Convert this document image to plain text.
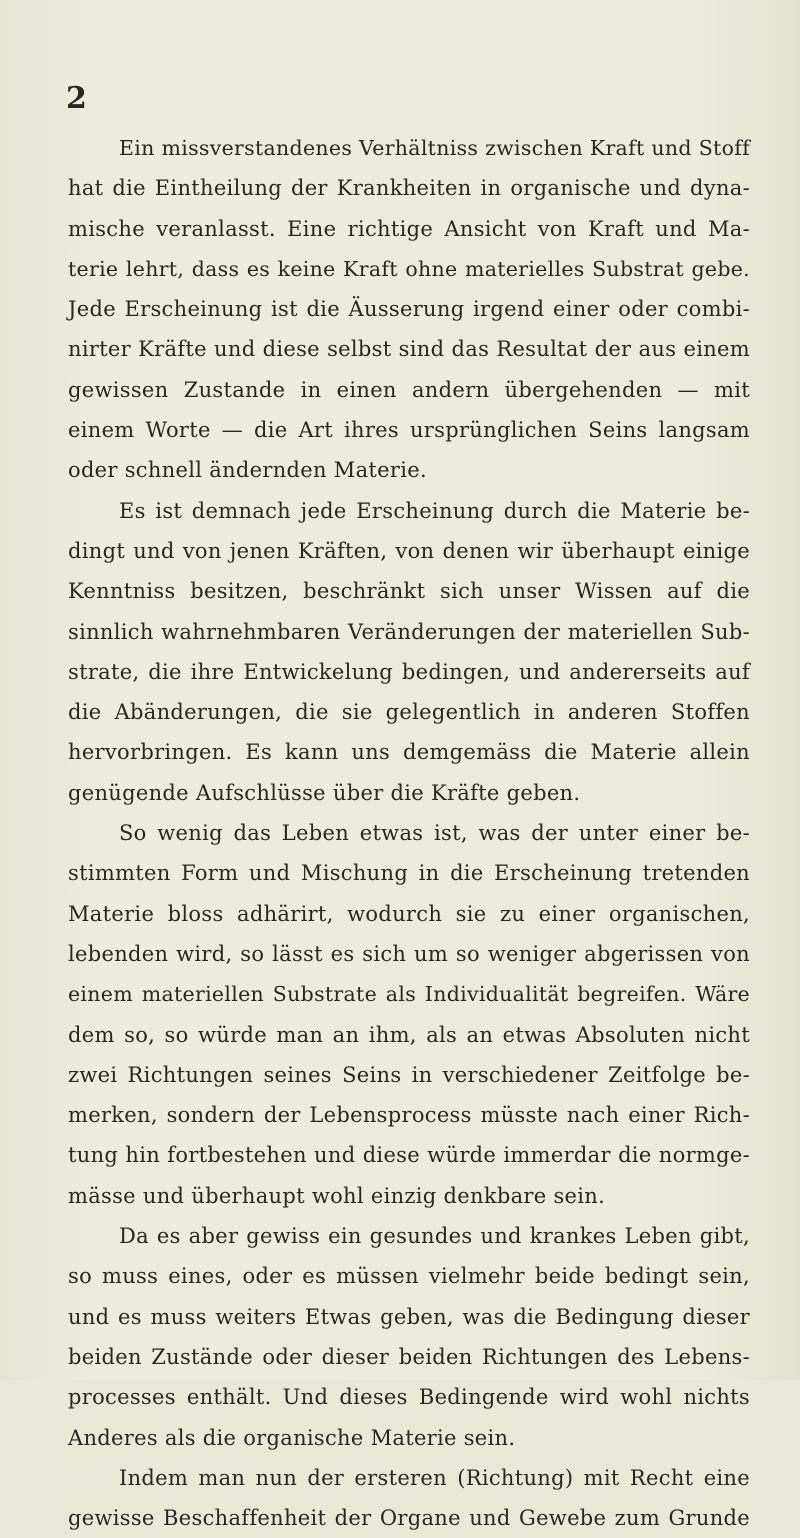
2
Ein missverstandenes Verhältniss zwischen Kraft und Stoff
hat die Eintheilung der Krankheiten in organische und dyna-
mische veranlasst. Eine richtige Ansicht von Kraft und Ma-
terie lehrt, dass es keine Kraft ohne materielles Substrat gebe.
Jede Erscheinung ist die Äusserung irgend einer oder combi-
nirter Kräfte und diese selbst sind das Resultat der aus einem
gewissen Zustande in einen andern übergehenden — mit
einem Worte — die Art ihres ursprünglichen Seins langsam
oder schnell ändernden Materie.
Es ist demnach jede Erscheinung durch die Materie be-
dingt und von jenen Kräften, von denen wir überhaupt einige
Kenntniss besitzen, beschränkt sich unser Wissen auf die
sinnlich wahrnehmbaren Veränderungen der materiellen Sub-
strate, die ihre Entwickelung bedingen, und andererseits auf
die Abänderungen, die sie gelegentlich in anderen Stoffen
hervorbringen. Es kann uns demgemäss die Materie allein
genügende Aufschlüsse über die Kräfte geben.
So wenig das Leben etwas ist, was der unter einer be-
stimmten Form und Mischung in die Erscheinung tretenden
Materie bloss adhärirt, wodurch sie zu einer organischen,
lebenden wird, so lässt es sich um so weniger abgerissen von
einem materiellen Substrate als Individualität begreifen. Wäre
dem so, so würde man an ihm, als an etwas Absoluten nicht
zwei Richtungen seines Seins in verschiedener Zeitfolge be-
merken, sondern der Lebensprocess müsste nach einer Rich-
tung hin fortbestehen und diese würde immerdar die normge-
mässe und überhaupt wohl einzig denkbare sein.
Da es aber gewiss ein gesundes und krankes Leben gibt,
so muss eines, oder es müssen vielmehr beide bedingt sein,
und es muss weiters Etwas geben, was die Bedingung dieser
beiden Zustände oder dieser beiden Richtungen des Lebens-
processes enthält. Und dieses Bedingende wird wohl nichts
Anderes als die organische Materie sein.
Indem man nun der ersteren (Richtung) mit Recht eine
gewisse Beschaffenheit der Organe und Gewebe zum Grunde
